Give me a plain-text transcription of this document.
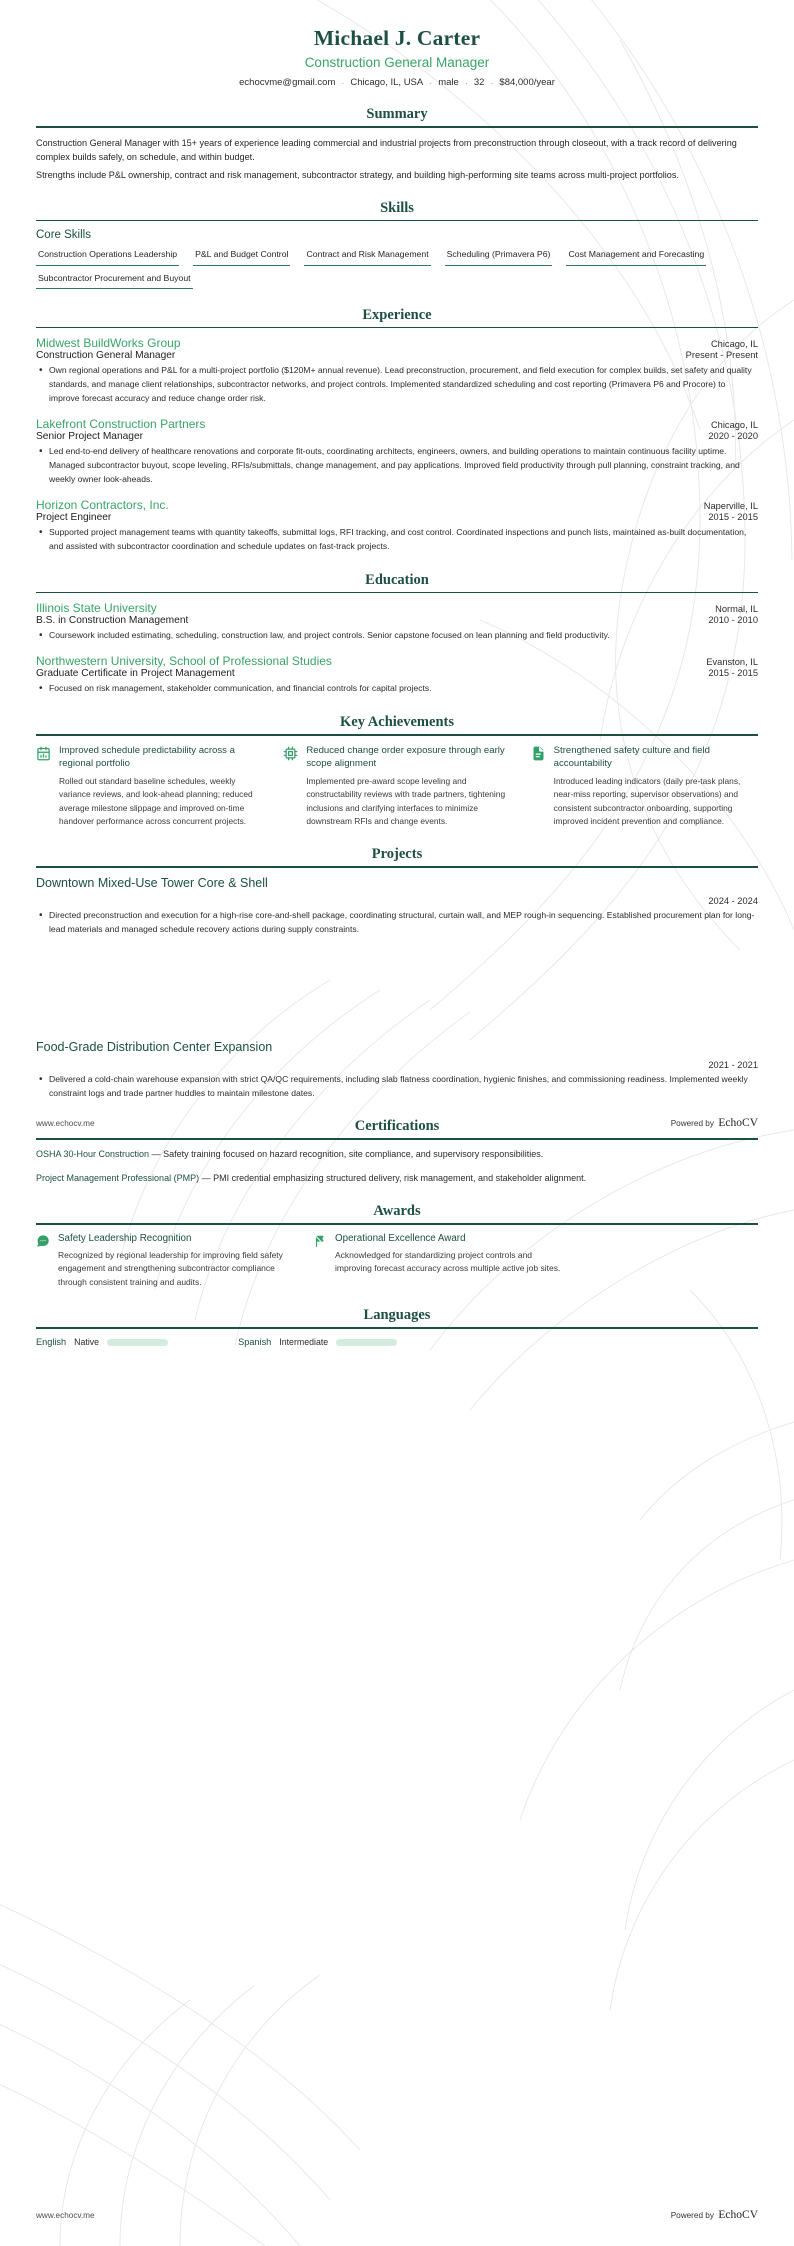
Michael J. Carter
Construction General Manager
echocvme@gmail.com · Chicago, IL, USA · male · 32 · $84,000/year
Summary

Construction General Manager with 15+ years of experience leading commercial and industrial projects from preconstruction through closeout, with a track record of delivering complex builds safely, on schedule, and within budget.

Strengths include P&L ownership, contract and risk management, subcontractor strategy, and building high-performing site teams across multi-project portfolios.

Skills
Core Skills
Construction Operations Leadership P&L and Budget Control Contract and Risk Management Scheduling (Primavera P6) Cost Management and Forecasting
Subcontractor Procurement and Buyout
Experience
Midwest BuildWorks Group	Chicago, IL
Construction General Manager	Present - Present
• Own regional operations and P&L for a multi-project portfolio ($120M+ annual revenue). Lead preconstruction, procurement, and field execution for complex builds, set safety and quality standards, and manage client relationships, subcontractor networks, and project controls. Implemented standardized scheduling and cost reporting (Primavera P6 and Procore) to improve forecast accuracy and reduce change order risk.
Lakefront Construction Partners	Chicago, IL
Senior Project Manager	2020 - 2020
• Led end-to-end delivery of healthcare renovations and corporate fit-outs, coordinating architects, engineers, owners, and building operations to maintain continuous facility uptime. Managed subcontractor buyout, scope leveling, RFIs/submittals, change management, and pay applications. Improved field productivity through pull planning, constraint tracking, and weekly owner look-aheads.
Horizon Contractors, Inc.	Naperville, IL
Project Engineer	2015 - 2015
• Supported project management teams with quantity takeoffs, submittal logs, RFI tracking, and cost control. Coordinated inspections and punch lists, maintained as-built documentation, and assisted with subcontractor coordination and schedule updates on fast-track projects.
Education
Illinois State University	Normal, IL
B.S. in Construction Management	2010 - 2010
• Coursework included estimating, scheduling, construction law, and project controls. Senior capstone focused on lean planning and field productivity.
Northwestern University, School of Professional Studies	Evanston, IL
Graduate Certificate in Project Management	2015 - 2015
• Focused on risk management, stakeholder communication, and financial controls for capital projects.
Key Achievements
Improved schedule predictability across a regional portfolio
Rolled out standard baseline schedules, weekly variance reviews, and look-ahead planning; reduced average milestone slippage and improved on-time handover performance across concurrent projects.
Reduced change order exposure through early scope alignment
Implemented pre-award scope leveling and constructability reviews with trade partners, tightening inclusions and clarifying interfaces to minimize downstream RFIs and change events.
Strengthened safety culture and field accountability
Introduced leading indicators (daily pre-task plans, near-miss reporting, supervisor observations) and consistent subcontractor onboarding, supporting improved incident prevention and compliance.
Projects
Downtown Mixed-Use Tower Core & Shell
2024 - 2024
• Directed preconstruction and execution for a high-rise core-and-shell package, coordinating structural, curtain wall, and MEP rough-in sequencing. Established procurement plan for long-lead materials and managed schedule recovery actions during supply constraints.
Food-Grade Distribution Center Expansion
2021 - 2021
• Delivered a cold-chain warehouse expansion with strict QA/QC requirements, including slab flatness coordination, hygienic finishes, and commissioning readiness. Implemented weekly constraint logs and trade partner huddles to maintain milestone dates.
Certifications
OSHA 30-Hour Construction — Safety training focused on hazard recognition, site compliance, and supervisory responsibilities.
Project Management Professional (PMP) — PMI credential emphasizing structured delivery, risk management, and stakeholder alignment.
Awards
Safety Leadership Recognition
Recognized by regional leadership for improving field safety engagement and strengthening subcontractor compliance through consistent training and audits.
Operational Excellence Award
Acknowledged for standardizing project controls and improving forecast accuracy across multiple active job sites.
Languages
English Native	Spanish Intermediate
www.echocv.me	Powered by EchoCV
www.echocv.me	Powered by EchoCV
